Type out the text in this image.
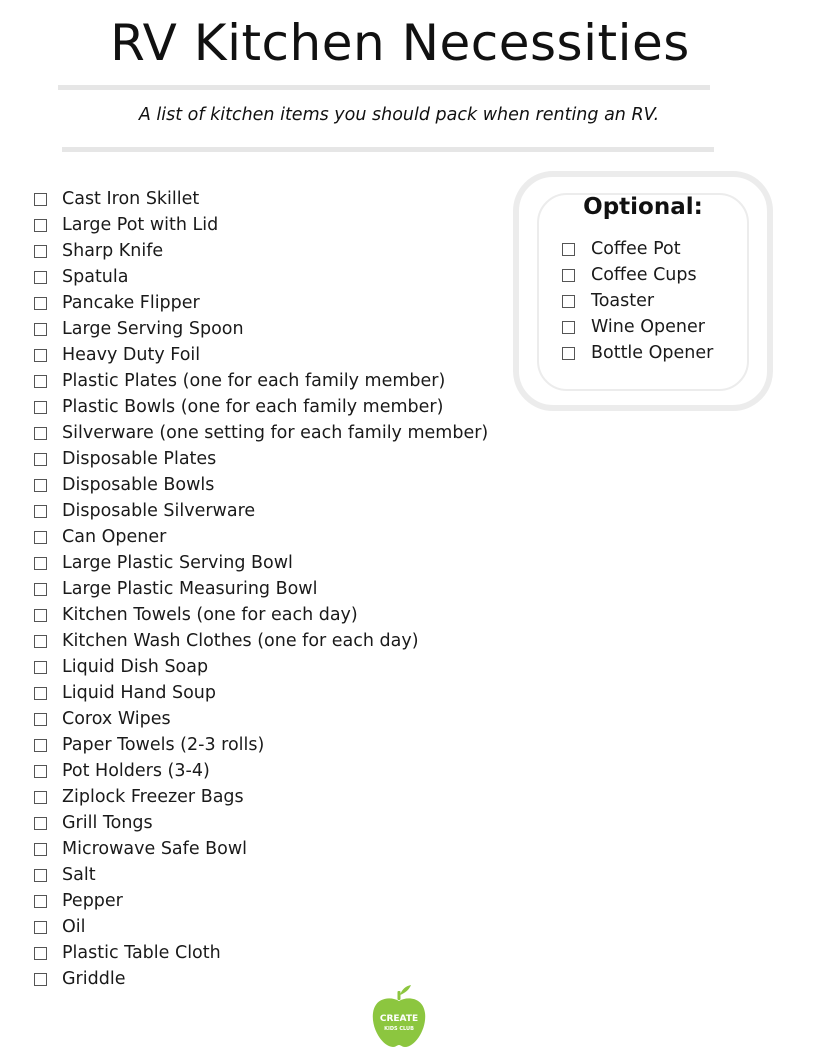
RV Kitchen Necessities
A list of kitchen items you should pack when renting an RV.
Cast Iron Skillet
Large Pot with Lid
Sharp Knife
Spatula
Pancake Flipper
Large Serving Spoon
Heavy Duty Foil
Plastic Plates (one for each family member)
Plastic Bowls (one for each family member)
Silverware (one setting for each family member)
Disposable Plates
Disposable Bowls
Disposable Silverware
Can Opener
Large Plastic Serving Bowl
Large Plastic Measuring Bowl
Kitchen Towels (one for each day)
Kitchen Wash Clothes (one for each day)
Liquid Dish Soap
Liquid Hand Soup
Corox Wipes
Paper Towels (2-3 rolls)
Pot Holders (3-4)
Ziplock Freezer Bags
Grill Tongs
Microwave Safe Bowl
Salt
Pepper
Oil
Plastic Table Cloth
Griddle
Optional:
Coffee Pot
Coffee Cups
Toaster
Wine Opener
Bottle Opener
CREATE
KIDS CLUB
